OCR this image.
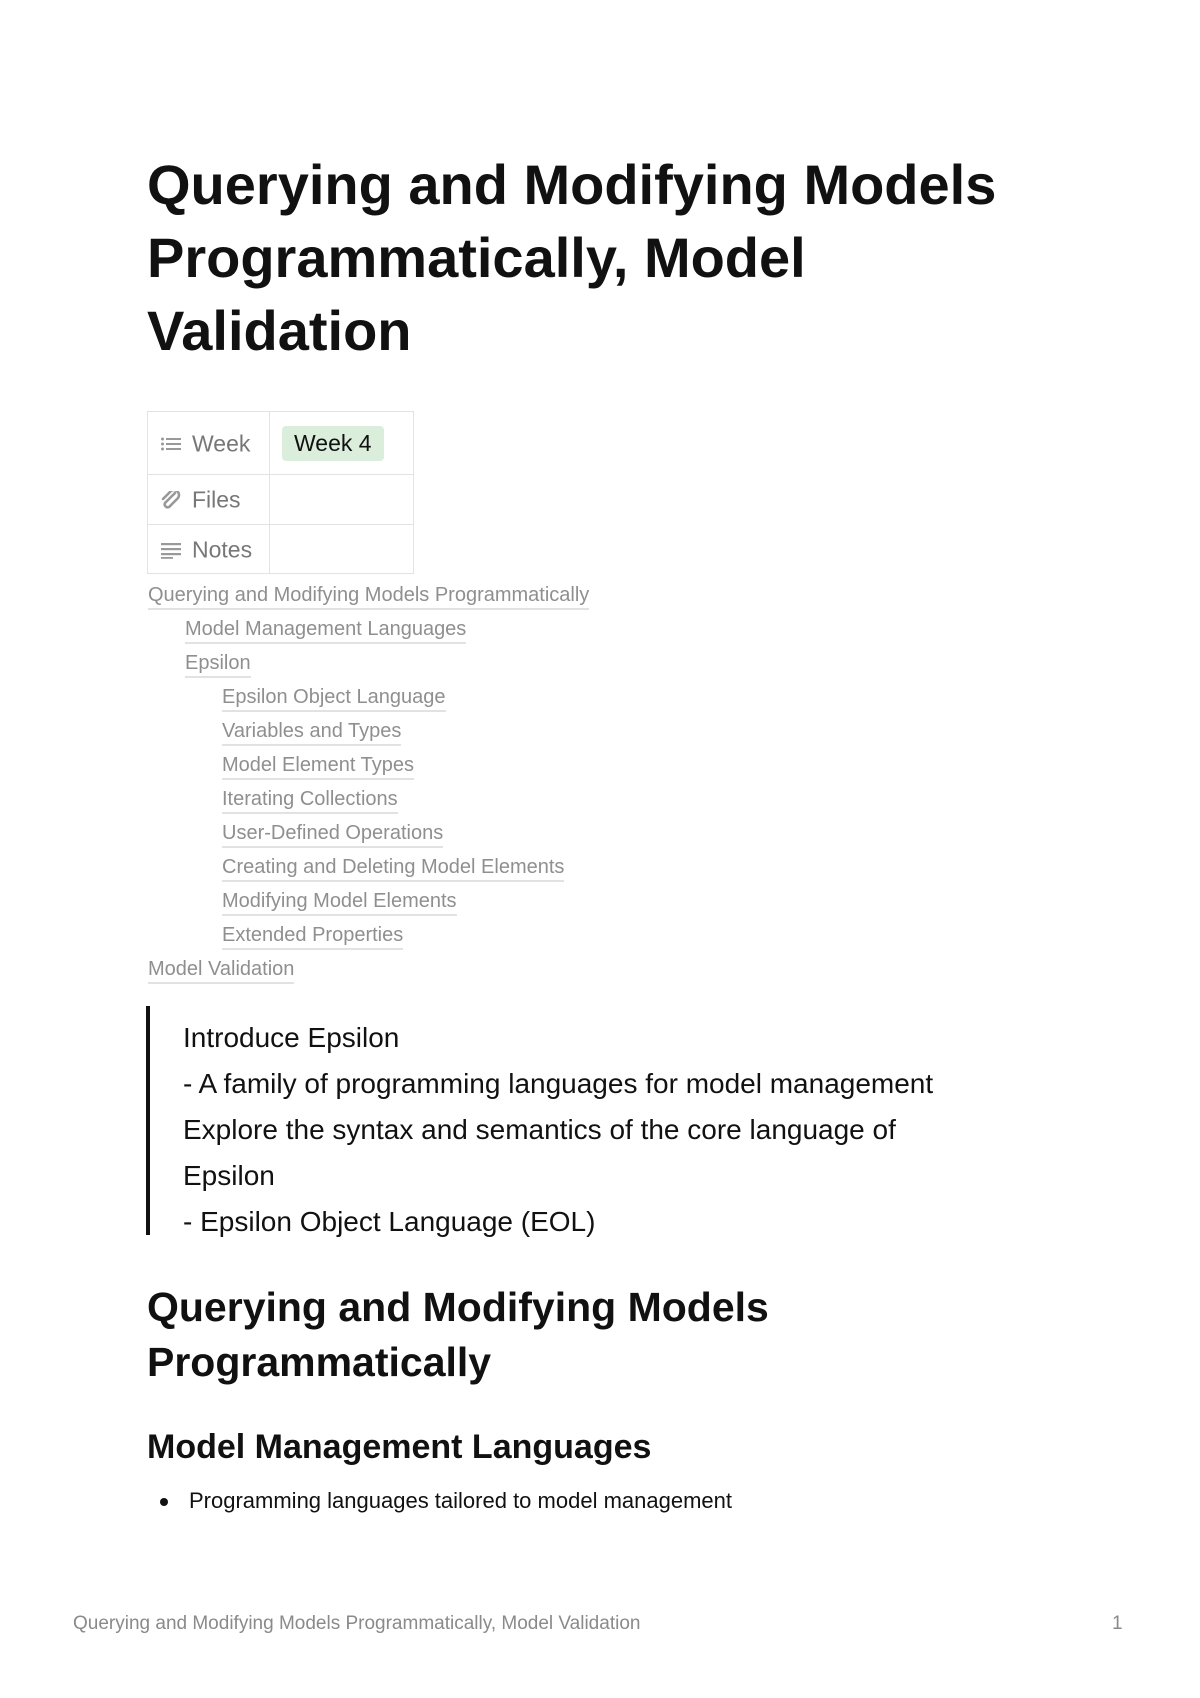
Querying and Modifying Models Programmatically, Model Validation
Week	Week 4
Files	
Notes	
Querying and Modifying Models Programmatically
Model Management Languages
Epsilon
Epsilon Object Language
Variables and Types
Model Element Types
Iterating Collections
User-Defined Operations
Creating and Deleting Model Elements
Modifying Model Elements
Extended Properties
Model Validation
Introduce Epsilon
- A family of programming languages for model management
Explore the syntax and semantics of the core language of
Epsilon
- Epsilon Object Language (EOL)
Querying and Modifying Models Programmatically
Model Management Languages
Programming languages tailored to model management
Querying and Modifying Models Programmatically, Model Validation	1
